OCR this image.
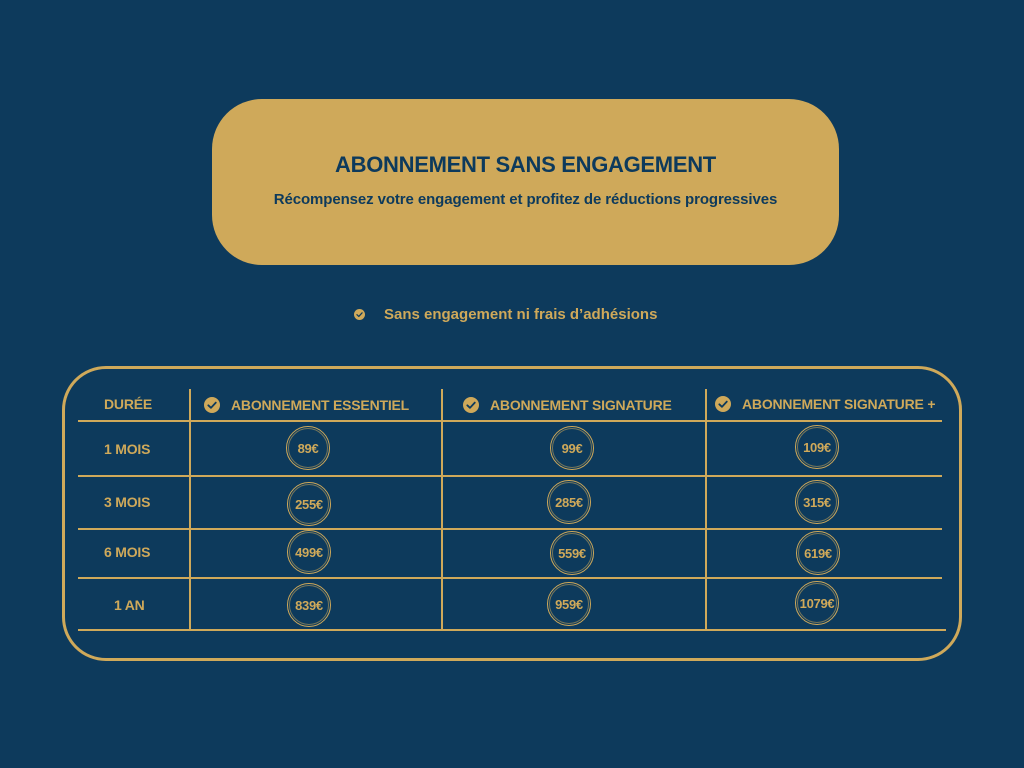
ABONNEMENT SANS ENGAGEMENT
Récompensez votre engagement et profitez de réductions progressives
Sans engagement ni frais d’adhésions
DURÉE	ABONNEMENT ESSENTIEL	ABONNEMENT SIGNATURE	ABONNEMENT SIGNATURE +
1 MOIS	89€	99€	109€
3 MOIS	255€	285€	315€
6 MOIS	499€	559€	619€
1 AN	839€	959€	1079€
